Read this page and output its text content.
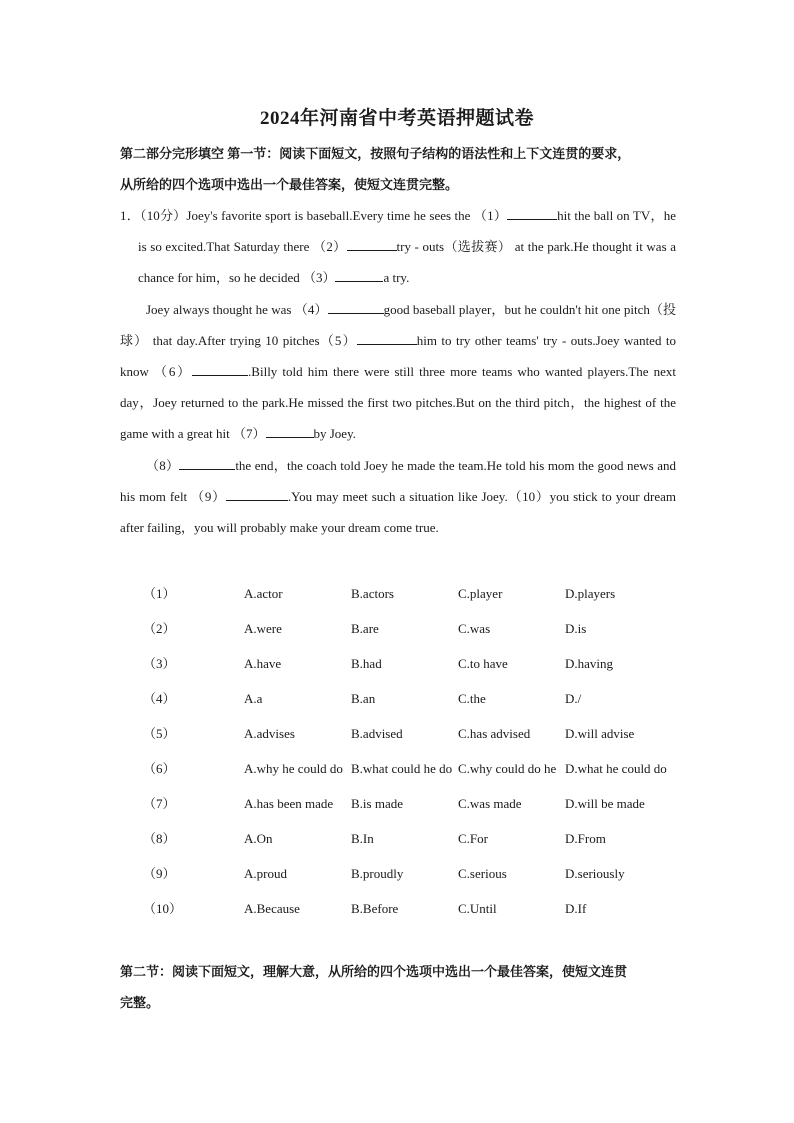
2024年河南省中考英语押题试卷
第二部分完形填空 第一节：阅读下面短文，按照句子结构的语法性和上下文连贯的要求，
从所给的四个选项中选出一个最佳答案，使短文连贯完整。

1．（10分）Joey's favorite sport is baseball.Every time he sees the （1）	hit the ball on TV，he is so excited.That Saturday there （2）	try - outs（选拔赛） at the park.He thought it was a chance for him，so he decided （3）	a try.

Joey always thought he was （4）	good baseball player，but he couldn't hit one pitch（投球） that day.After trying 10 pitches（5）	him to try other teams' try - outs.Joey wanted to know （6）	.Billy told him there were still three more teams who wanted players.The next day，Joey returned to the park.He missed the first two pitches.But on the third pitch，the highest of the game with a great hit （7）	by Joey.

（8）	the end，the coach told Joey he made the team.He told his mom the good news and his mom felt （9）	.You may meet such a situation like Joey.（10）you stick to your dream after failing，you will probably make your dream come true.

（1）	A.actor	B.actors	C.player	D.players
（2）	A.were	B.are	C.was	D.is
（3）	A.have	B.had	C.to have	D.having
（4）	A.a	B.an	C.the	D./
（5）	A.advises	B.advised	C.has advised	D.will advise
（6）	A.why he could do B.what could he do C.why could do he D.what he could do
（7）	A.has been made	B.is made	C.was made	D.will be made
（8）	A.On	B.In	C.For	D.From
（9）	A.proud	B.proudly	C.serious	D.seriously
（10）	A.Because	B.Before	C.Until	D.If
第二节：阅读下面短文，理解大意，从所给的四个选项中选出一个最佳答案，使短文连贯
完整。
